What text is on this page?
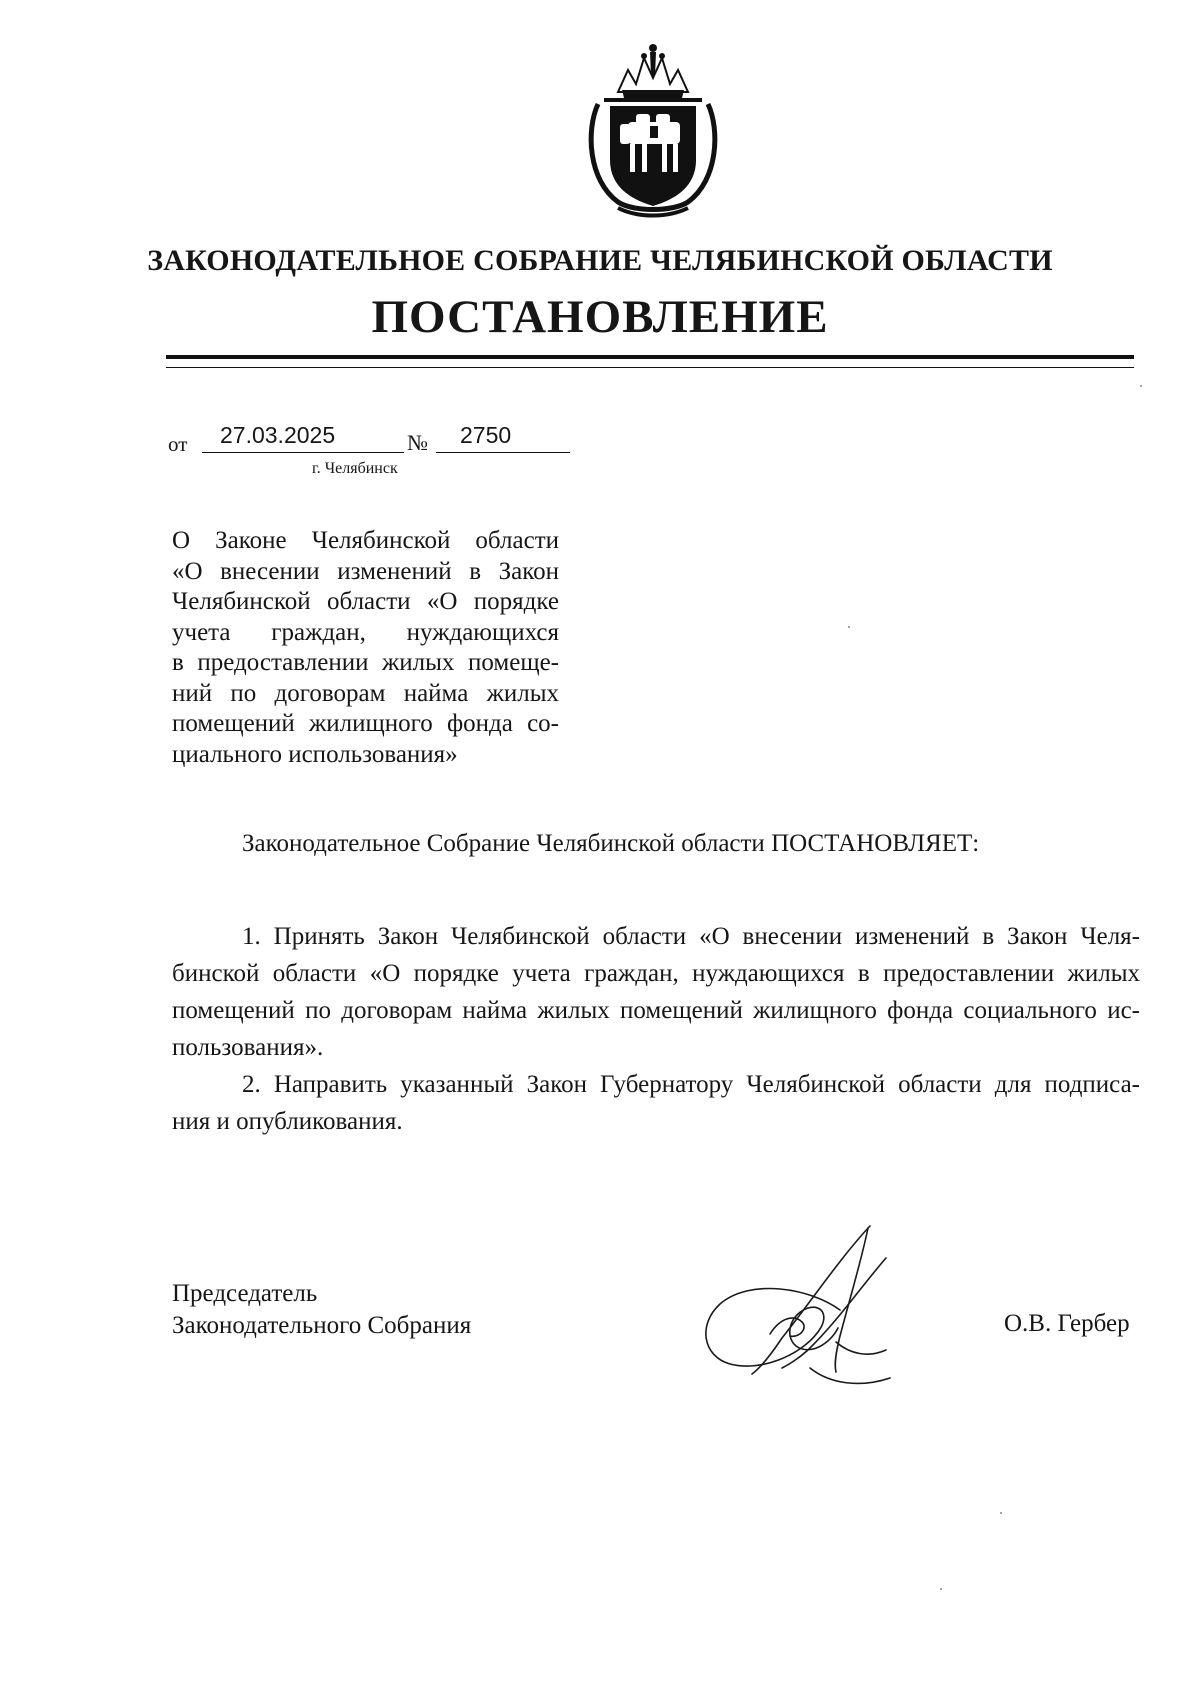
ЗАКОНОДАТЕЛЬНОЕ СОБРАНИЕ ЧЕЛЯБИНСКОЙ ОБЛАСТИ
ПОСТАНОВЛЕНИЕ
от 27.03.2025	№ 2750
г. Челябинск
О Законе Челябинской области
«О внесении изменений в Закон
Челябинской области «О порядке
учета граждан, нуждающихся
в предоставлении жилых помеще-
ний по договорам найма жилых
помещений жилищного фонда со-
циального использования»
Законодательное Собрание Челябинской области ПОСТАНОВЛЯЕТ:
1. Принять Закон Челябинской области «О внесении изменений в Закон Челя-
бинской области «О порядке учета граждан, нуждающихся в предоставлении жилых
помещений по договорам найма жилых помещений жилищного фонда социального ис-
пользования».
2. Направить указанный Закон Губернатору Челябинской области для подписа-
ния и опубликования.
Председатель
Законодательного Собрания	О.В. Гербер
